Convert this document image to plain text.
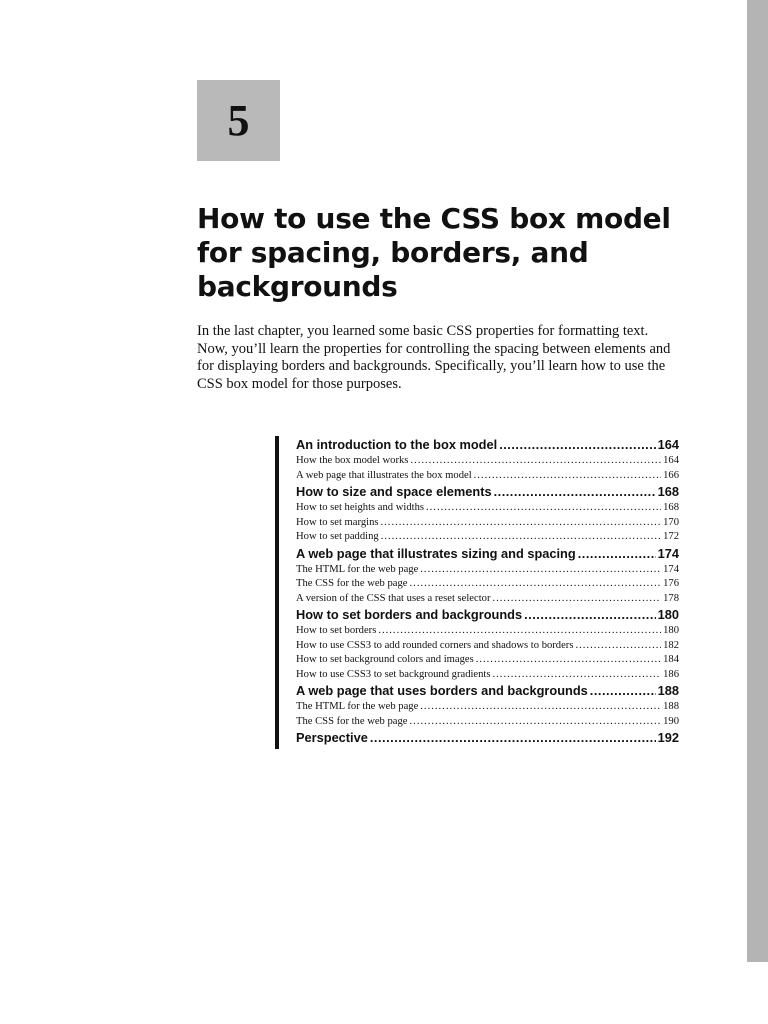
5
How to use the CSS box model for spacing, borders, and backgrounds

In the last chapter, you learned some basic CSS properties for formatting text. Now, you’ll learn the properties for controlling the spacing between elements and for displaying borders and backgrounds. Specifically, you’ll learn how to use the CSS box model for those purposes.

An introduction to the box model .....	164
How the box model works .....	164
A web page that illustrates the box model .....	166
How to size and space elements .....	168
How to set heights and widths .....	168
How to set margins .....	170
How to set padding .....	172
A web page that illustrates sizing and spacing .....	174
The HTML for the web page .....	174
The CSS for the web page .....	176
A version of the CSS that uses a reset selector .....	178
How to set borders and backgrounds .....	180
How to set borders .....	180
How to use CSS3 to add rounded corners and shadows to borders .....	182
How to set background colors and images .....	184
How to use CSS3 to set background gradients .....	186
A web page that uses borders and backgrounds .....	188
The HTML for the web page .....	188
The CSS for the web page .....	190
Perspective .....	192
